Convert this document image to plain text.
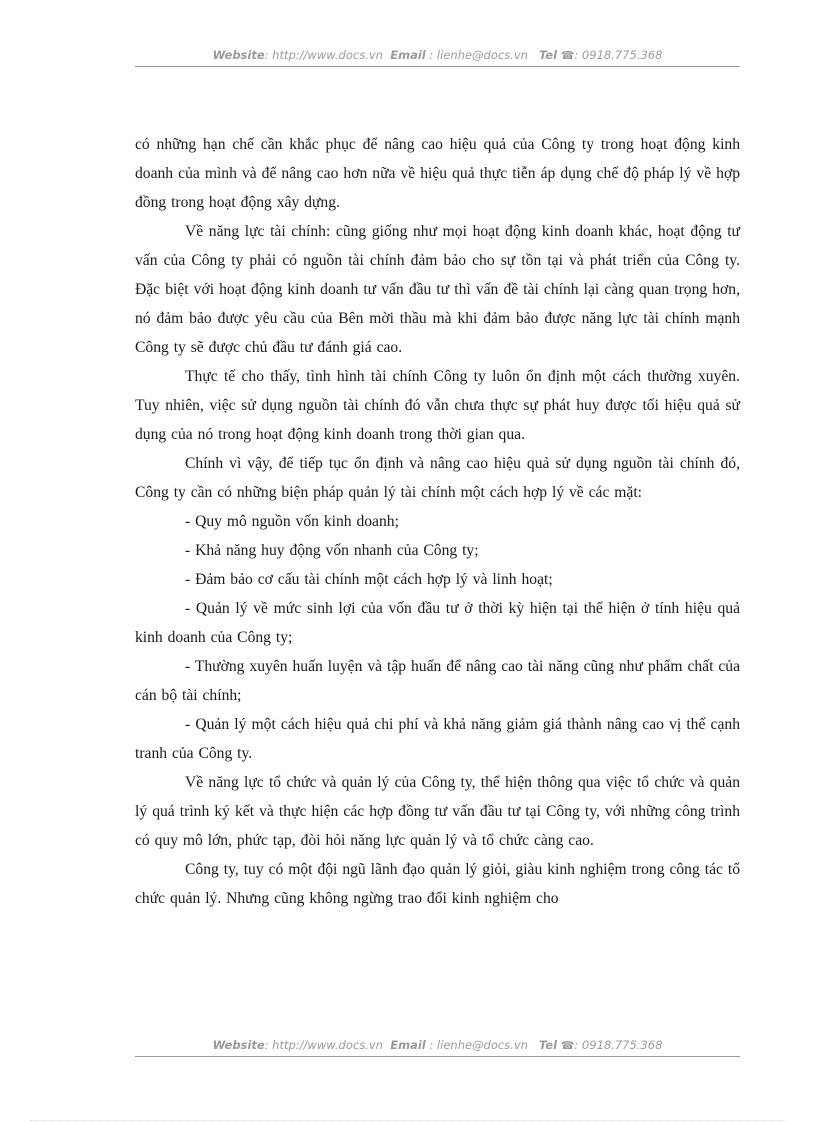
Website: http://www.docs.vn Email : lienhe@docs.vn Tel ☎: 0918.775.368

có những hạn chế cần khắc phục để nâng cao hiệu quả của Công ty trong hoạt động kinh doanh của mình và để nâng cao hơn nữa về hiệu quả thực tiễn áp dụng chế độ pháp lý về hợp đồng trong hoạt động xây dựng.

Về năng lực tài chính: cũng giống như mọi hoạt động kinh doanh khác, hoạt động tư vấn của Công ty phải có nguồn tài chính đảm bảo cho sự tồn tại và phát triển của Công ty. Đặc biệt với hoạt động kinh doanh tư vấn đầu tư thì vấn đề tài chính lại càng quan trọng hơn, nó đảm bảo được yêu cầu của Bên mời thầu mà khi đảm bảo được năng lực tài chính mạnh Công ty sẽ được chủ đầu tư đánh giá cao.

Thực tế cho thấy, tình hình tài chính Công ty luôn ổn định một cách thường xuyên. Tuy nhiên, việc sử dụng nguồn tài chính đó vẫn chưa thực sự phát huy được tối hiệu quả sử dụng của nó trong hoạt động kinh doanh trong thời gian qua.

Chính vì vậy, để tiếp tục ổn định và nâng cao hiệu quả sử dụng nguồn tài chính đó, Công ty cần có những biện pháp quản lý tài chính một cách hợp lý về các mặt:

- Quy mô nguồn vốn kinh doanh;

- Khả năng huy động vốn nhanh của Công ty;

- Đảm bảo cơ cấu tài chính một cách hợp lý và linh hoạt;

- Quản lý về mức sinh lợi của vốn đầu tư ở thời kỳ hiện tại thể hiện ở tính hiệu quả kinh doanh của Công ty;

- Thường xuyên huấn luyện và tập huấn để nâng cao tài năng cũng như phẩm chất của cán bộ tài chính;

- Quản lý một cách hiệu quả chi phí và khả năng giảm giá thành nâng cao vị thế cạnh tranh của Công ty.

Về năng lực tổ chức và quản lý của Công ty, thể hiện thông qua việc tổ chức và quản lý quá trình ký kết và thực hiện các hợp đồng tư vấn đầu tư tại Công ty, với những công trình có quy mô lớn, phức tạp, đòi hỏi năng lực quản lý và tổ chức càng cao.

Công ty, tuy có một đội ngũ lãnh đạo quản lý giỏi, giàu kinh nghiệm trong công tác tổ chức quản lý. Nhưng cũng không ngừng trao đổi kinh nghiệm cho

Website: http://www.docs.vn Email : lienhe@docs.vn Tel ☎: 0918.775.368
